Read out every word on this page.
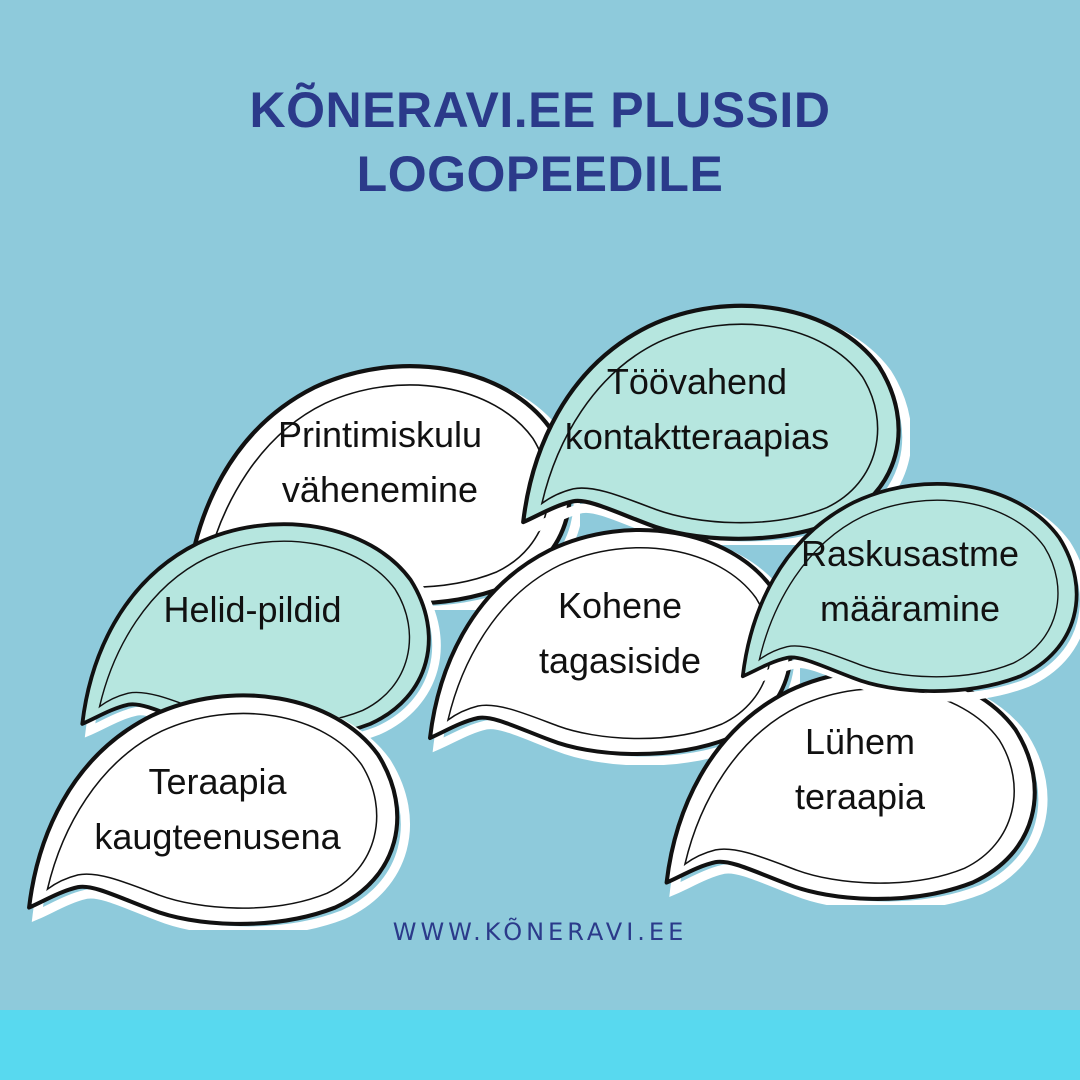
KÕNERAVI.EE PLUSSID
LOGOPEEDILE
Printimiskulu
vähenemine
Töövahend
kontaktteraapias
Helid-pildid	Kohene
tagasiside
Raskusastme
määramine
Teraapia
kaugteenusena
Lühem
teraapia
WWW.KÕNERAVI.EE
